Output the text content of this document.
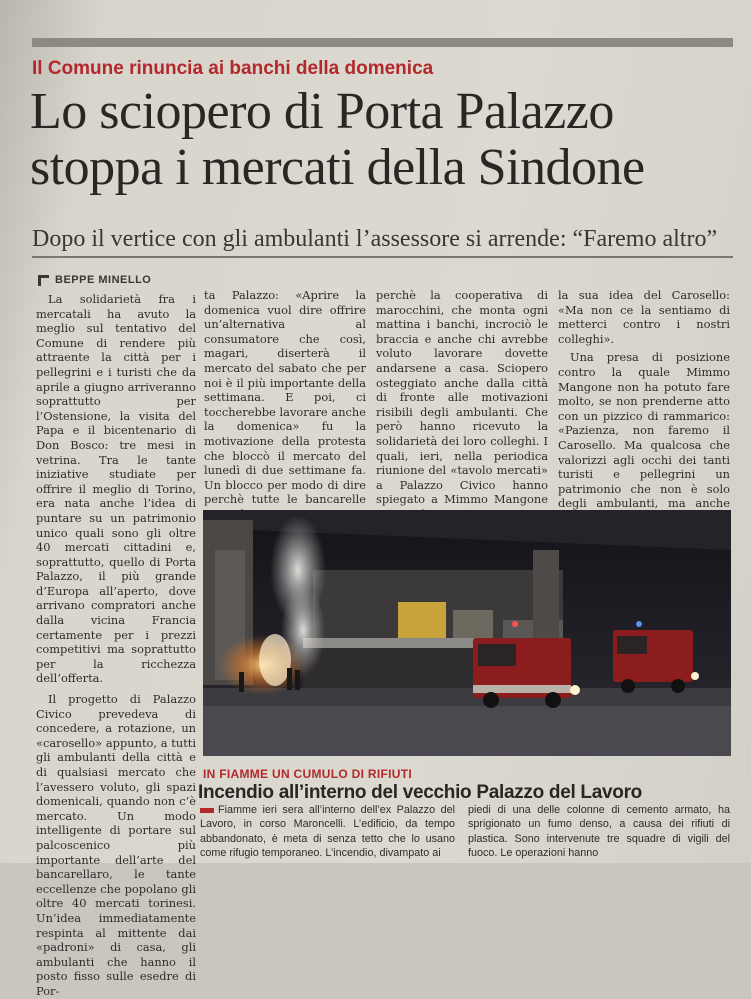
Il Comune rinuncia ai banchi della domenica
Lo sciopero di Porta Palazzo
stoppa i mercati della Sindone
Dopo il vertice con gli ambulanti l’assessore si arrende: “Faremo altro”
BEPPE MINELLO

La solidarietà fra i mercatali ha avuto la meglio sul tentativo del Comune di rendere più attraente la città per i pellegrini e i turisti che da aprile a giugno arriveranno soprattutto per l’Ostensione, la visita del Papa e il bicentenario di Don Bosco: tre mesi in vetrina. Tra le tante iniziative studiate per offrire il meglio di Torino, era nata anche l’idea di puntare su un patrimonio unico quali sono gli oltre 40 mercati cittadini e, soprattutto, quello di Porta Palazzo, il più grande d’Europa all’aperto, dove arrivano compratori anche dalla vicina Francia certamente per i prezzi competitivi ma soprattutto per la ricchezza dell’offerta.

Il progetto di Palazzo Civico prevedeva di concedere, a rotazione, un «carosello» appunto, a tutti gli ambulanti della città e di qualsiasi mercato che l’avessero voluto, gli spazi domenicali, quando non c’è mercato. Un modo intelligente di portare sul palcoscenico più importante dell’arte del bancarellaro, le tante eccellenze che popolano gli oltre 40 mercati torinesi. Un’idea immediatamente respinta al mittente dai «padroni» di casa, gli ambulanti che hanno il posto fisso sulle esedre di Por-

ta Palazzo: «Aprire la domenica vuol dire offrire un’alternativa al consumatore che così, magari, diserterà il mercato del sabato che per noi è il più importante della settimana. E poi, ci toccherebbe lavorare anche la domenica» fu la motivazione della protesta che bloccò il mercato del lunedì di due settimane fa. Un blocco per modo di dire perchè tutte le bancarelle

perchè la cooperativa di marocchini, che monta ogni mattina i banchi, incrociò le braccia e anche chi avrebbe voluto lavorare dovette andarsene a casa. Sciopero osteggiato anche dalla città di fronte alle motivazioni risibili degli ambulanti. Che però hanno ricevuto la solidarietà dei loro colleghi. I quali, ieri, nella periodica riunione del «tavolo mercati» a Palazzo Civico hanno spiegato a Mimmo Mangone

la sua idea del Carosello: «Ma non ce la sentiamo di metterci contro i nostri colleghi».

Una presa di posizione contro la quale Mimmo Mangone non ha potuto fare molto, se non prenderne atto con un pizzico di rammarico: «Pazienza, non faremo il Carosello. Ma qualcosa che valorizzi agli occhi dei tanti turisti e pellegrini un patrimonio che non è solo degli ambulanti, ma anche

IN FIAMME UN CUMULO DI RIFIUTI
Incendio all’interno del vecchio Palazzo del Lavoro
Fiamme ieri sera all’interno dell’ex Palazzo del Lavoro, in corso Maroncelli. L’edificio, da tempo abbandonato, è meta di senza tetto che lo usano come rifugio temporaneo. L’incendio, divampato ai
piedi di una delle colonne di cemento armato, ha sprigionato un fumo denso, a causa dei rifiuti di plastica. Sono intervenute tre squadre di vigili del fuoco. Le operazioni hanno
